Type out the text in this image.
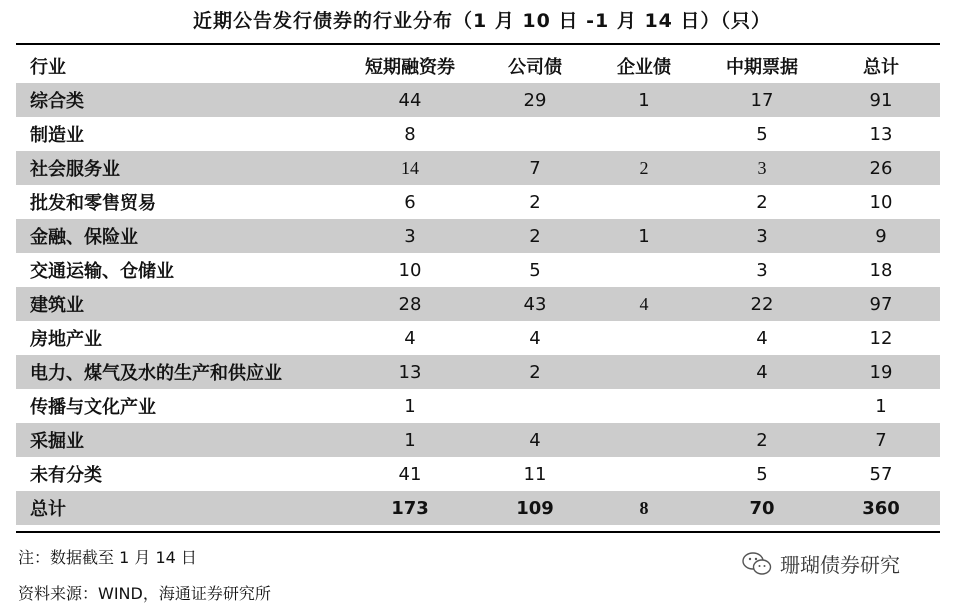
近期公告发行债券的行业分布（1 月 10 日 -1 月 14 日）（只）
行业	短期融资券	公司债	企业债	中期票据	总计
综合类	44	29	1	17	91
制造业	8			5	13
社会服务业	14	7	2	3	26
批发和零售贸易	6	2		2	10
金融、保险业	3	2	1	3	9
交通运输、仓储业	10	5		3	18
建筑业	28	43	4	22	97
房地产业	4	4		4	12
电力、煤气及水的生产和供应业	13	2		4	19
传播与文化产业	1				1
采掘业	1	4		2	7
未有分类	41	11		5	57
总计	173	109	8	70	360
注：数据截至 1 月 14 日
资料来源：WIND，海通证券研究所
珊瑚债券研究
